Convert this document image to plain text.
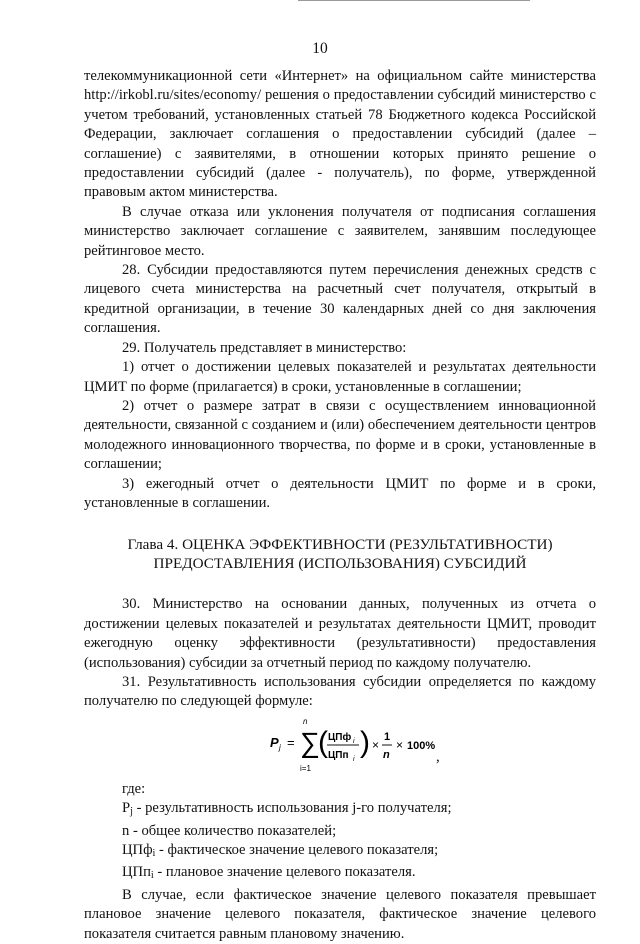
10

телекоммуникационной сети «Интернет» на официальном сайте министерства http://irkobl.ru/sites/economy/ решения о предоставлении субсидий министерство с учетом требований, установленных статьей 78 Бюджетного кодекса Российской Федерации, заключает соглашения о предоставлении субсидий (далее – соглашение) с заявителями, в отношении которых принято решение о предоставлении субсидий (далее - получатель), по форме, утвержденной правовым актом министерства.

В случае отказа или уклонения получателя от подписания соглашения министерство заключает соглашение с заявителем, занявшим последующее рейтинговое место.

28. Субсидии предоставляются путем перечисления денежных средств с лицевого счета министерства на расчетный счет получателя, открытый в кредитной организации, в течение 30 календарных дней со дня заключения соглашения.

29. Получатель представляет в министерство:

1) отчет о достижении целевых показателей и результатах деятельности ЦМИТ по форме (прилагается) в сроки, установленные в соглашении;

2) отчет о размере затрат в связи с осуществлением инновационной деятельности, связанной с созданием и (или) обеспечением деятельности центров молодежного инновационного творчества, по форме и в сроки, установленные в соглашении;

3) ежегодный отчет о деятельности ЦМИТ по форме и в сроки, установленные в соглашении.

Глава 4. ОЦЕНКА ЭФФЕКТИВНОСТИ (РЕЗУЛЬТАТИВНОСТИ) ПРЕДОСТАВЛЕНИЯ (ИСПОЛЬЗОВАНИЯ) СУБСИДИЙ

30. Министерство на основании данных, полученных из отчета о достижении целевых показателей и результатах деятельности ЦМИТ, проводит ежегодную оценку эффективности (результативности) предоставления (использования) субсидии за отчетный период по каждому получателю.

31. Результативность использования субсидии определяется по каждому получателю по следующей формуле:

P j =
n
∑
i=1
( ЦПф i
ЦПп i
) ×
1
n
× 100%
,

где:

$P_j$ - результативность использования j-го получателя;

n - общее количество показателей;

ЦПф$_i$ - фактическое значение целевого показателя;

ЦПп$_i$ - плановое значение целевого показателя.

В случае, если фактическое значение целевого показателя превышает плановое значение целевого показателя, фактическое значение целевого показателя считается равным плановому значению.
